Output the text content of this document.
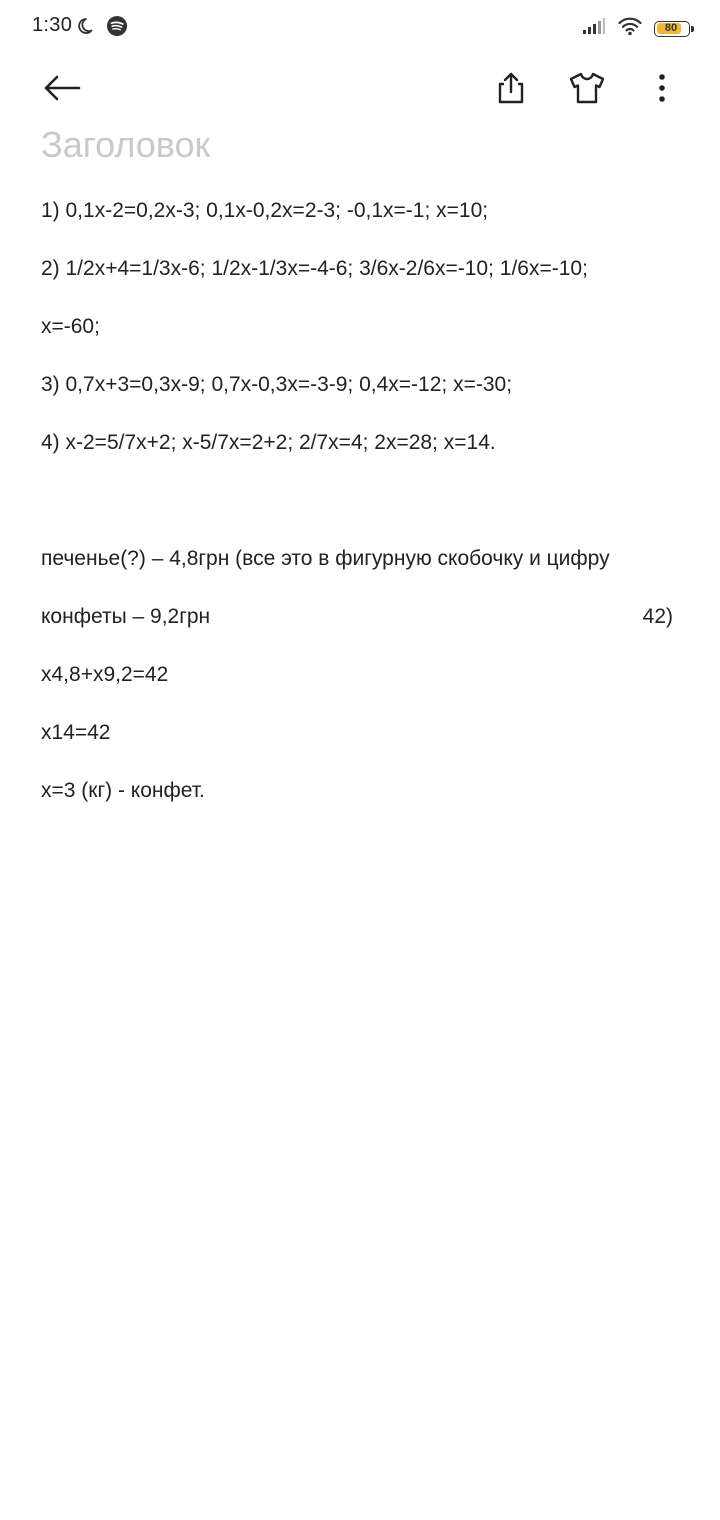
1:30	80
Заголовок
1) 0,1x-2=0,2x-3; 0,1x-0,2x=2-3; -0,1x=-1; x=10;
2) 1/2x+4=1/3x-6; 1/2x-1/3x=-4-6; 3/6x-2/6x=-10; 1/6x=-10;
x=-60;
3) 0,7x+3=0,3x-9; 0,7x-0,3x=-3-9; 0,4x=-12; x=-30;
4) x-2=5/7x+2; x-5/7x=2+2; 2/7x=4; 2x=28; x=14.
печенье(?) – 4,8грн (все это в фигурную скобочку и цифру
конфеты – 9,2грн	42)
x4,8+x9,2=42
x14=42
x=3 (кг) - конфет.
